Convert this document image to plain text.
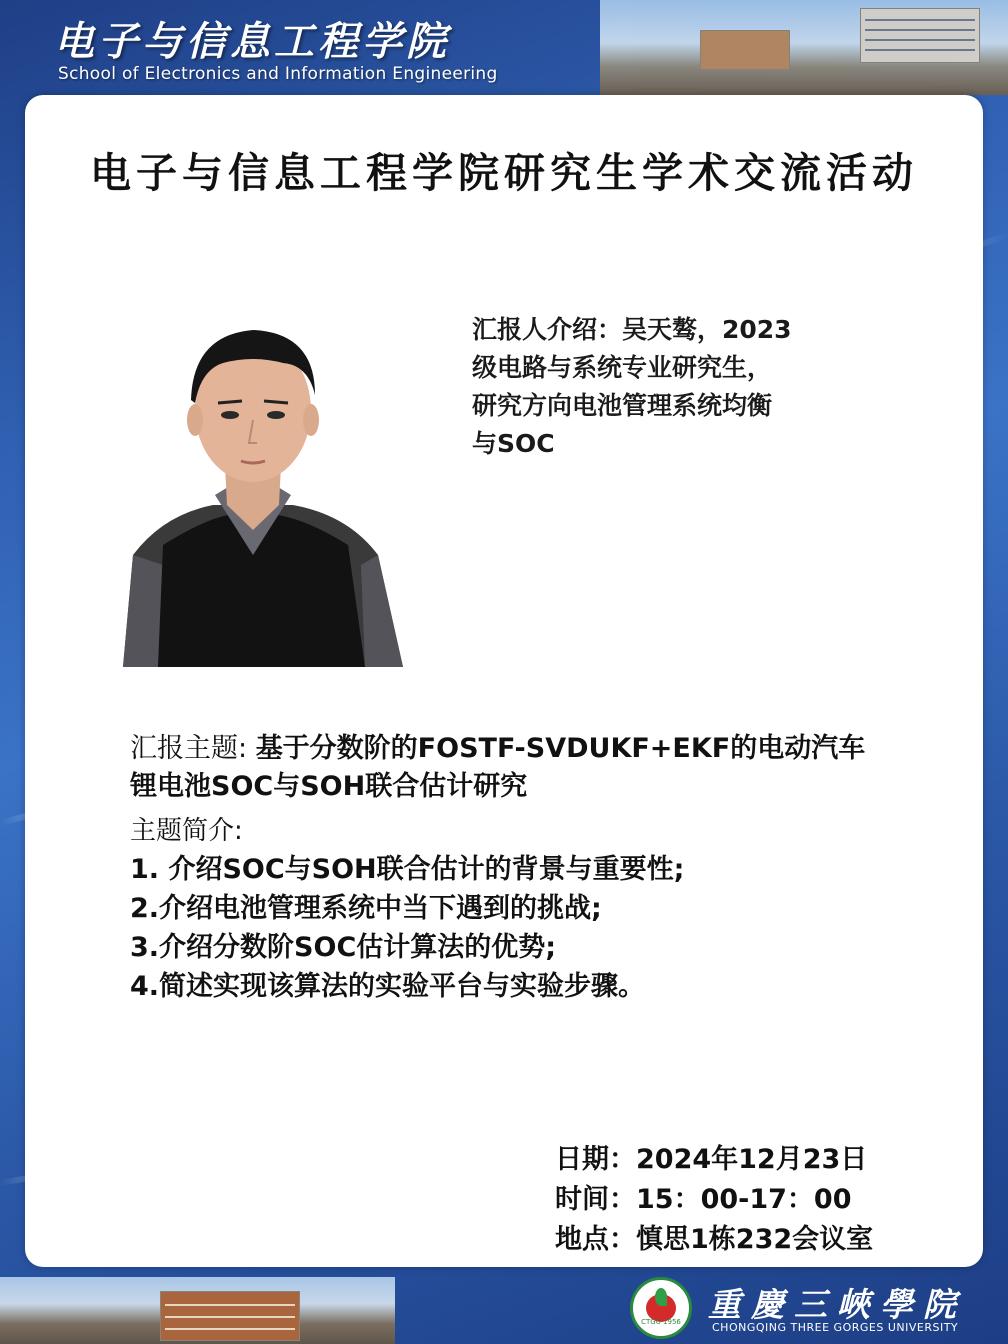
电子与信息工程学院
School of Electronics and Information Engineering
电子与信息工程学院研究生学术交流活动
汇报人介绍：吴天骜，2023
级电路与系统专业研究生，
研究方向电池管理系统均衡
与SOC
汇报主题: 基于分数阶的FOSTF-SVDUKF+EKF的电动汽车锂电池SOC与SOH联合估计研究
主题简介:
1. 介绍SOC与SOH联合估计的背景与重要性;
2.介绍电池管理系统中当下遇到的挑战;
3.介绍分数阶SOC估计算法的优势;
4.简述实现该算法的实验平台与实验步骤。
日期：2024年12月23日
时间：15：00-17：00
地点：慎思1栋232会议室
CTGU 1956 重慶三峽學院
CHONGQING THREE GORGES UNIVERSITY
